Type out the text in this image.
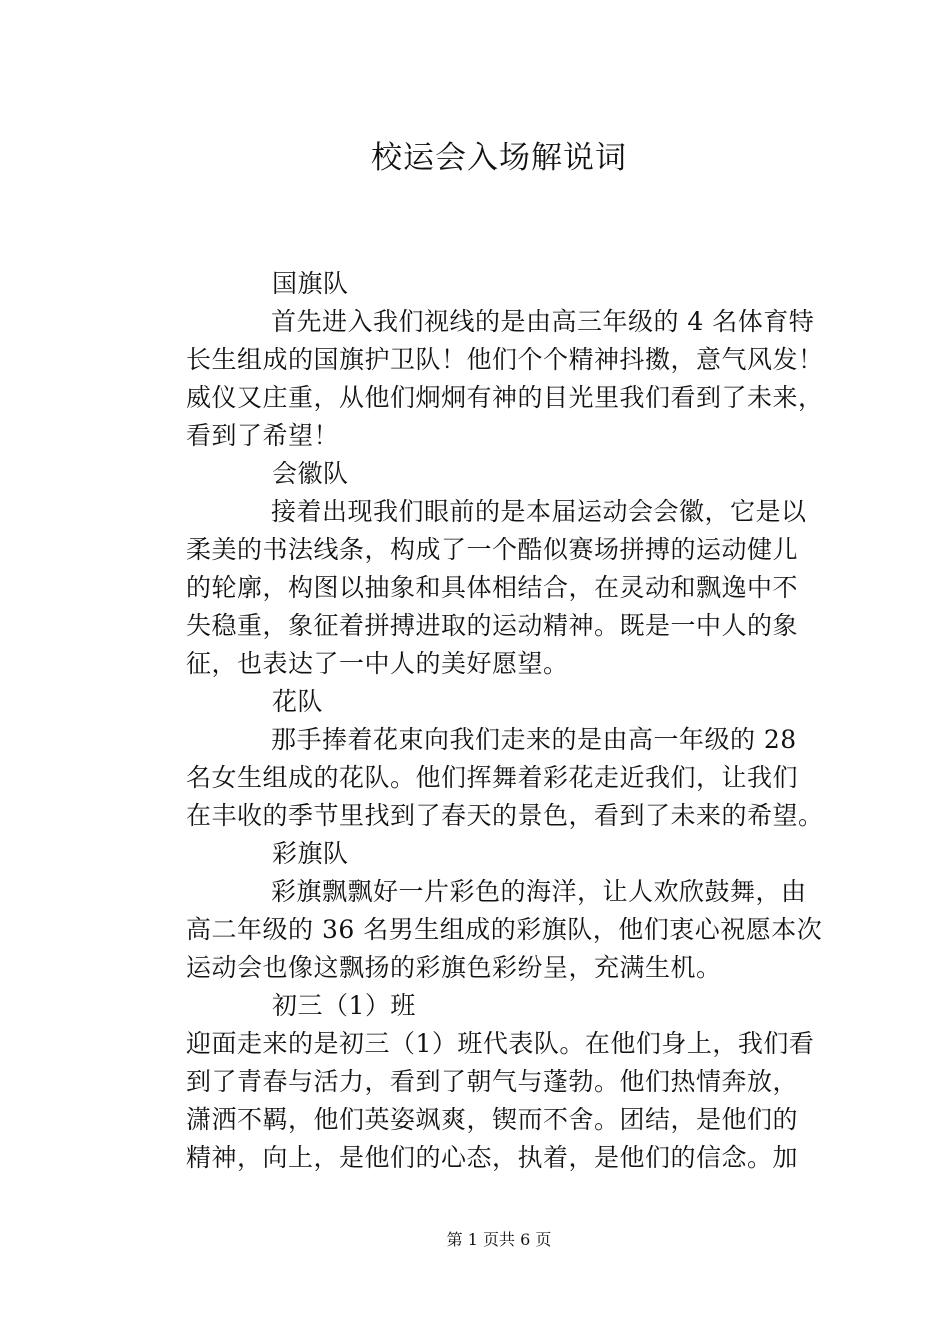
校运会入场解说词
国旗队
　　　 首先进入我们视线的是由高三年级的 4 名体育特
长生组成的国旗护卫队！他们个个精神抖擞，意气风发！
威仪又庄重，从他们炯炯有神的目光里我们看到了未来，
看到了希望！
会徽队
　　　 接着出现我们眼前的是本届运动会会徽，它是以
柔美的书法线条，构成了一个酷似赛场拼搏的运动健儿
的轮廓，构图以抽象和具体相结合，在灵动和飘逸中不
失稳重，象征着拼搏进取的运动精神。既是一中人的象
征，也表达了一中人的美好愿望。
花队
　　　 那手捧着花束向我们走来的是由高一年级的 28
名女生组成的花队。他们挥舞着彩花走近我们，让我们
在丰收的季节里找到了春天的景色，看到了未来的希望。
彩旗队
　　　 彩旗飘飘好一片彩色的海洋，让人欢欣鼓舞，由
高二年级的 36 名男生组成的彩旗队，他们衷心祝愿本次
运动会也像这飘扬的彩旗色彩纷呈，充满生机。
初三（1）班
迎面走来的是初三（1）班代表队。在他们身上，我们看
到了青春与活力，看到了朝气与蓬勃。他们热情奔放，
潇洒不羁，他们英姿飒爽，锲而不舍。团结，是他们的
精神，向上，是他们的心态，执着，是他们的信念。加
第 1 页共 6 页
